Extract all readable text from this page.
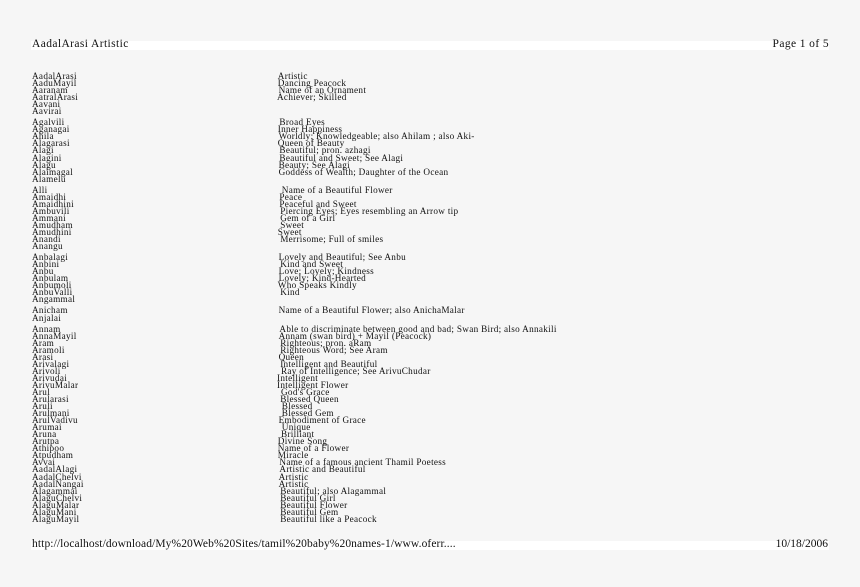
AadalArasi Artistic	Page 1 of 5
AadalArasi	Artistic
AaduMayil	Dancing Peacock
Aaranam	Name of an Ornament
AatralArasi	Achiever; Skilled
Aavani
Aavirai
Agalvili	Broad Eyes
Aganagai	Inner Happiness
Ahila	Worldly; Knowledgeable; also Ahilam ; also Aki-
Alagarasi	Queen of Beauty
Alagi	Beautiful; pron. azhagi
Alagini	Beautiful and Sweet; See Alagi
Alagu	Beauty; See Alagi
Alaimagal	Goddess of Wealth; Daughter of the Ocean
Alamelu
Alli	Name of a Beautiful Flower
Amaidhi	Peace
Amaidhini	Peaceful and Sweet
Ambuvili	Piercing Eyes; Eyes resembling an Arrow tip
Ammani	Gem of a Girl
Amudham	Sweet
Amudhini	Sweet
Anandi	Merrisome; Full of smiles
Anangu
Anbalagi	Lovely and Beautiful; See Anbu
Anbini	Kind and Sweet
Anbu	Love; Lovely; Kindness
Anbulam	Lovely; Kind-Hearted
Anbumoli	Who Speaks Kindly
AnbuValli	Kind
Angammal
Anicham	Name of a Beautiful Flower; also AnichaMalar
Anjalai
Annam	Able to discriminate between good and bad; Swan Bird; also Annakili
AnnaMayil	Annam (swan bird) + Mayil (Peacock)
Aram	Righteous; pron. aRam
Aramoli	Righteous Word; See Aram
Arasi	Queen
Arivalagi	Intelligent and Beautiful
Arivoli	Ray of Intelligence; See ArivuChudar
Arivudai	Intelligent
ArivuMalar	Intelligent Flower
Arul	God's Grace
Arularasi	Blessed Queen
Aruli	Blessed
Arulmani	Blessed Gem
ArulVadivu	Embodiment of Grace
Arumai	Unique
Aruna	Brilliant
Arutpa	Divine Song
Athipoo	Name of a Flower
Atpudham	Miracle
Avvai	Name of a famous ancient Thamil Poetess
AadalAlagi	Artistic and Beautiful
AadalChelvi	Artistic
AadalNangai	Artistic
Alagammai	Beautiful; also Alagammal
AlaguChelvi	Beautiful Girl
AlaguMalar	Beautiful Flower
AlaguMani	Beautiful Gem
AlaguMayil	Beautiful like a Peacock
http://localhost/download/My%20Web%20Sites/tamil%20baby%20names-1/www.oferr....	10/18/2006
